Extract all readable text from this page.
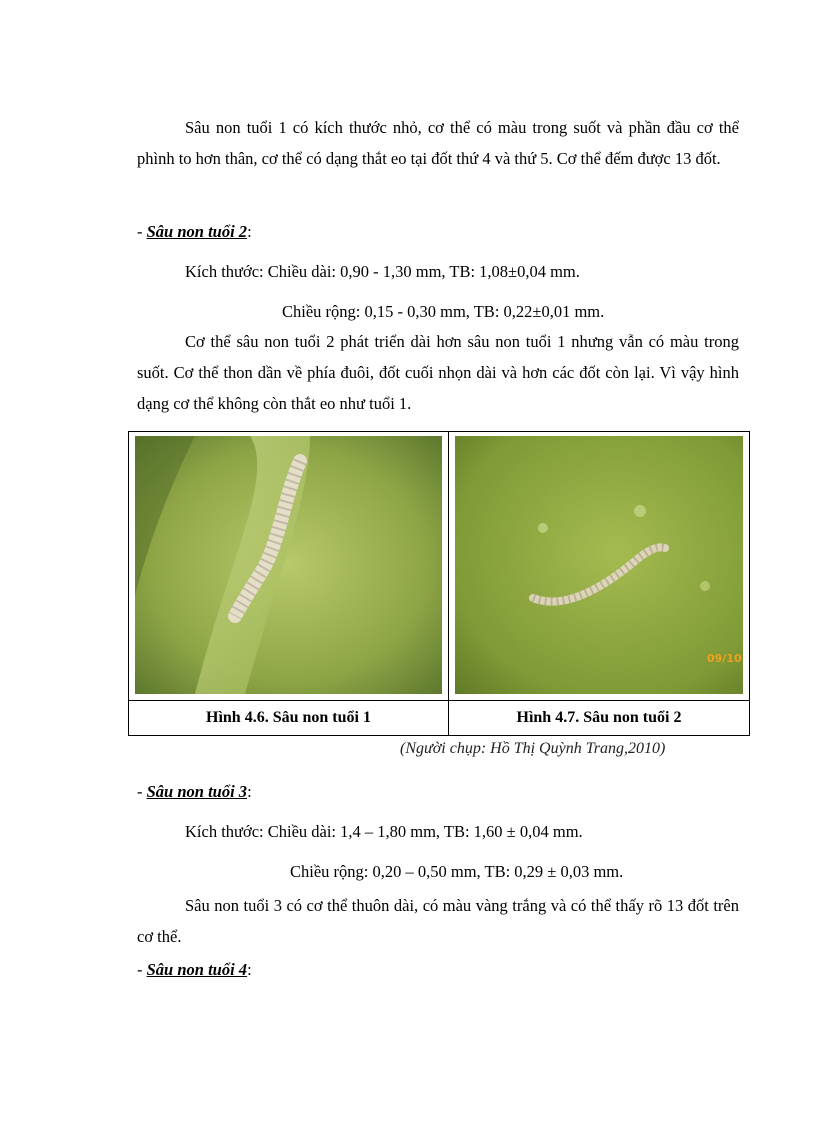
Sâu non tuổi 1 có kích thước nhỏ, cơ thể có màu trong suốt và phần đầu cơ thể phình to hơn thân, cơ thể có dạng thắt eo tại đốt thứ 4 và thứ 5. Cơ thể đếm được 13 đốt.

- Sâu non tuổi 2:
Kích thước: Chiều dài: 0,90 - 1,30 mm, TB: 1,08±0,04 mm.
Chiều rộng: 0,15 - 0,30 mm, TB: 0,22±0,01 mm.

Cơ thể sâu non tuổi 2 phát triển dài hơn sâu non tuổi 1 nhưng vẫn có màu trong suốt. Cơ thể thon dần về phía đuôi, đốt cuối nhọn dài và hơn các đốt còn lại. Vì vậy hình dạng cơ thể không còn thắt eo như tuổi 1.

09/10

Hình 4.6. Sâu non tuổi 1	Hình 4.7. Sâu non tuổi 2
(Người chụp: Hồ Thị Quỳnh Trang,2010)
- Sâu non tuổi 3:
Kích thước: Chiều dài: 1,4 – 1,80 mm, TB: 1,60 ± 0,04 mm.
Chiều rộng: 0,20 – 0,50 mm, TB: 0,29 ± 0,03 mm.

Sâu non tuổi 3 có cơ thể thuôn dài, có màu vàng trắng và có thể thấy rõ 13 đốt trên cơ thể.

- Sâu non tuổi 4:
